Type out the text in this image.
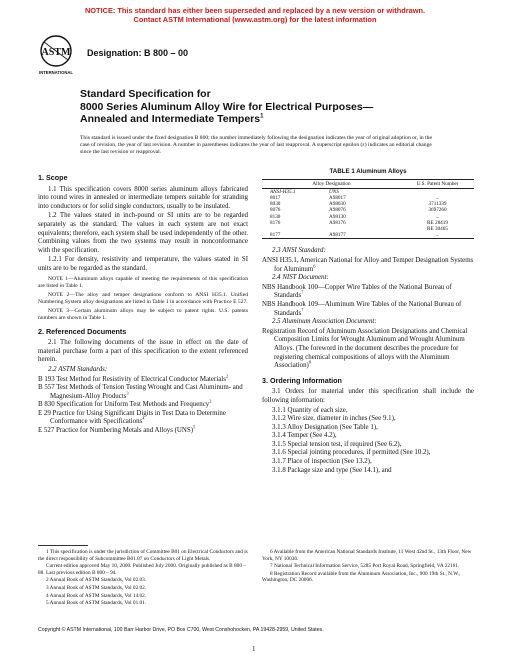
NOTICE: This standard has either been superseded and replaced by a new version or withdrawn.
Contact ASTM International (www.astm.org) for the latest information
ASTM
INTERNATIONAL
Designation: B 800 – 00
Standard Specification for
8000 Series Aluminum Alloy Wire for Electrical Purposes—
Annealed and Intermediate Tempers$^1$
This standard is issued under the fixed designation B 800; the number immediately following the designation indicates the year of original adoption or, in the case of revision, the year of last revision. A number in parentheses indicates the year of last reapproval. A superscript epsilon (ε) indicates an editorial change since the last revision or reapproval.
1. Scope

1.1 This specification covers 8000 series aluminum alloys fabricated into round wires in annealed or intermediate tempers suitable for stranding into conductors or for solid single conductors, usually to be insulated.

1.2 The values stated in inch-pound or SI units are to be regarded separately as the standard. The values in each system are not exact equivalents; therefore, each system shall be used independently of the other. Combining values from the two systems may result in nonconformance with the specification.

1.2.1 For density, resistivity and temperature, the values stated in SI units are to be regarded as the standard.

NOTE 1—Aluminum alloys capable of meeting the requirements of this specification are listed in Table 1.

NOTE 2—The alloy and temper designations conform to ANSI H35.1. Unified Numbering System alloy designations are listed in Table 1 in accordance with Practice E 527.

NOTE 3—Certain aluminum alloys may be subject to patent rights. U.S. patents numbers are shown in Table 1.

2. Referenced Documents

2.1 The following documents of the issue in effect on the date of material purchase form a part of this specification to the extent referenced herein.

2.2 ASTM Standards:

B 193 Test Method for Resistivity of Electrical Conductor Materials$^2$

B 557 Test Methods of Tension Testing Wrought and Cast Aluminum- and Magnesium-Alloy Products$^3$

B 830 Specification for Uniform Test Methods and Frequency$^2$

E 29 Practice for Using Significant Digits in Test Data to Determine Conformance with Specifications$^4$

E 527 Practice for Numbering Metals and Alloys (UNS)$^5$

TABLE 1 Aluminum Alloys
Alloy Designation		U.S. Patent Number
ANSI-H35.1	UNS	
8017	A98017	...
8030	A98030	3711339
8076	A98076	3697260
8130	A98130	...
8176	A98176	RE 28419
		RE 30465
8177	A98177	...

2.3 ANSI Standard:

ANSI H35.1, American National for Alloy and Temper Designation Systems for Aluminum$^6$

2.4 NIST Document:

NBS Handbook 100—Copper Wire Tables of the National Bureau of Standards$^7$

NBS Handbook 109—Aluminum Wire Tables of the National Bureau of Standards$^7$

2.5 Aluminum Association Document:

Registration Record of Aluminum Association Designations and Chemical Composition Limits for Wrought Aluminum and Wrought Aluminum Alloys. (The foreword in the document describes the procedure for registering chemical compositions of alloys with the Aluminum Association)$^8$

3. Ordering Information

3.1 Orders for material under this specification shall include the following information:

3.1.1 Quantity of each size,

3.1.2 Wire size, diameter in inches (See 9.1),

3.1.3 Alloy Designation (See Table 1),

3.1.4 Temper (See 4.2),

3.1.5 Special tension test, if required (See 6.2),

3.1.6 Special jointing procedures, if permitted (See 10.2),

3.1.7 Place of inspection (See 13.2),

3.1.8 Package size and type (See 14.1), and

1 This specification is under the jurisdiction of Committee B01 on Electrical Conductors and is the direct responsibility of Subcommittee B01.07 on Conductors of Light Metals.

Current edition approved May 10, 2000. Published July 2000. Originally published as B 800 – 88. Last previous edition B 800 – 94.

2 Annual Book of ASTM Standards, Vol 02.03.

3 Annual Book of ASTM Standards, Vol 02.02.

4 Annual Book of ASTM Standards, Vol 14.02.

5 Annual Book of ASTM Standards, Vol 01.01.

6 Available from the American National Standards Institute, 11 West 42nd St., 13th Floor, New York, NY 10036.

7 National Technical Information Service, 5285 Port Royal Road, Springfield, VA 22161.

8 Registration Record available from the Aluminum Association, Inc., 900 19th St., N.W., Washington, DC 20006.

Copyright © ASTM International, 100 Barr Harbor Drive, PO Box C700, West Conshohocken, PA 19428-2959, United States.
1
